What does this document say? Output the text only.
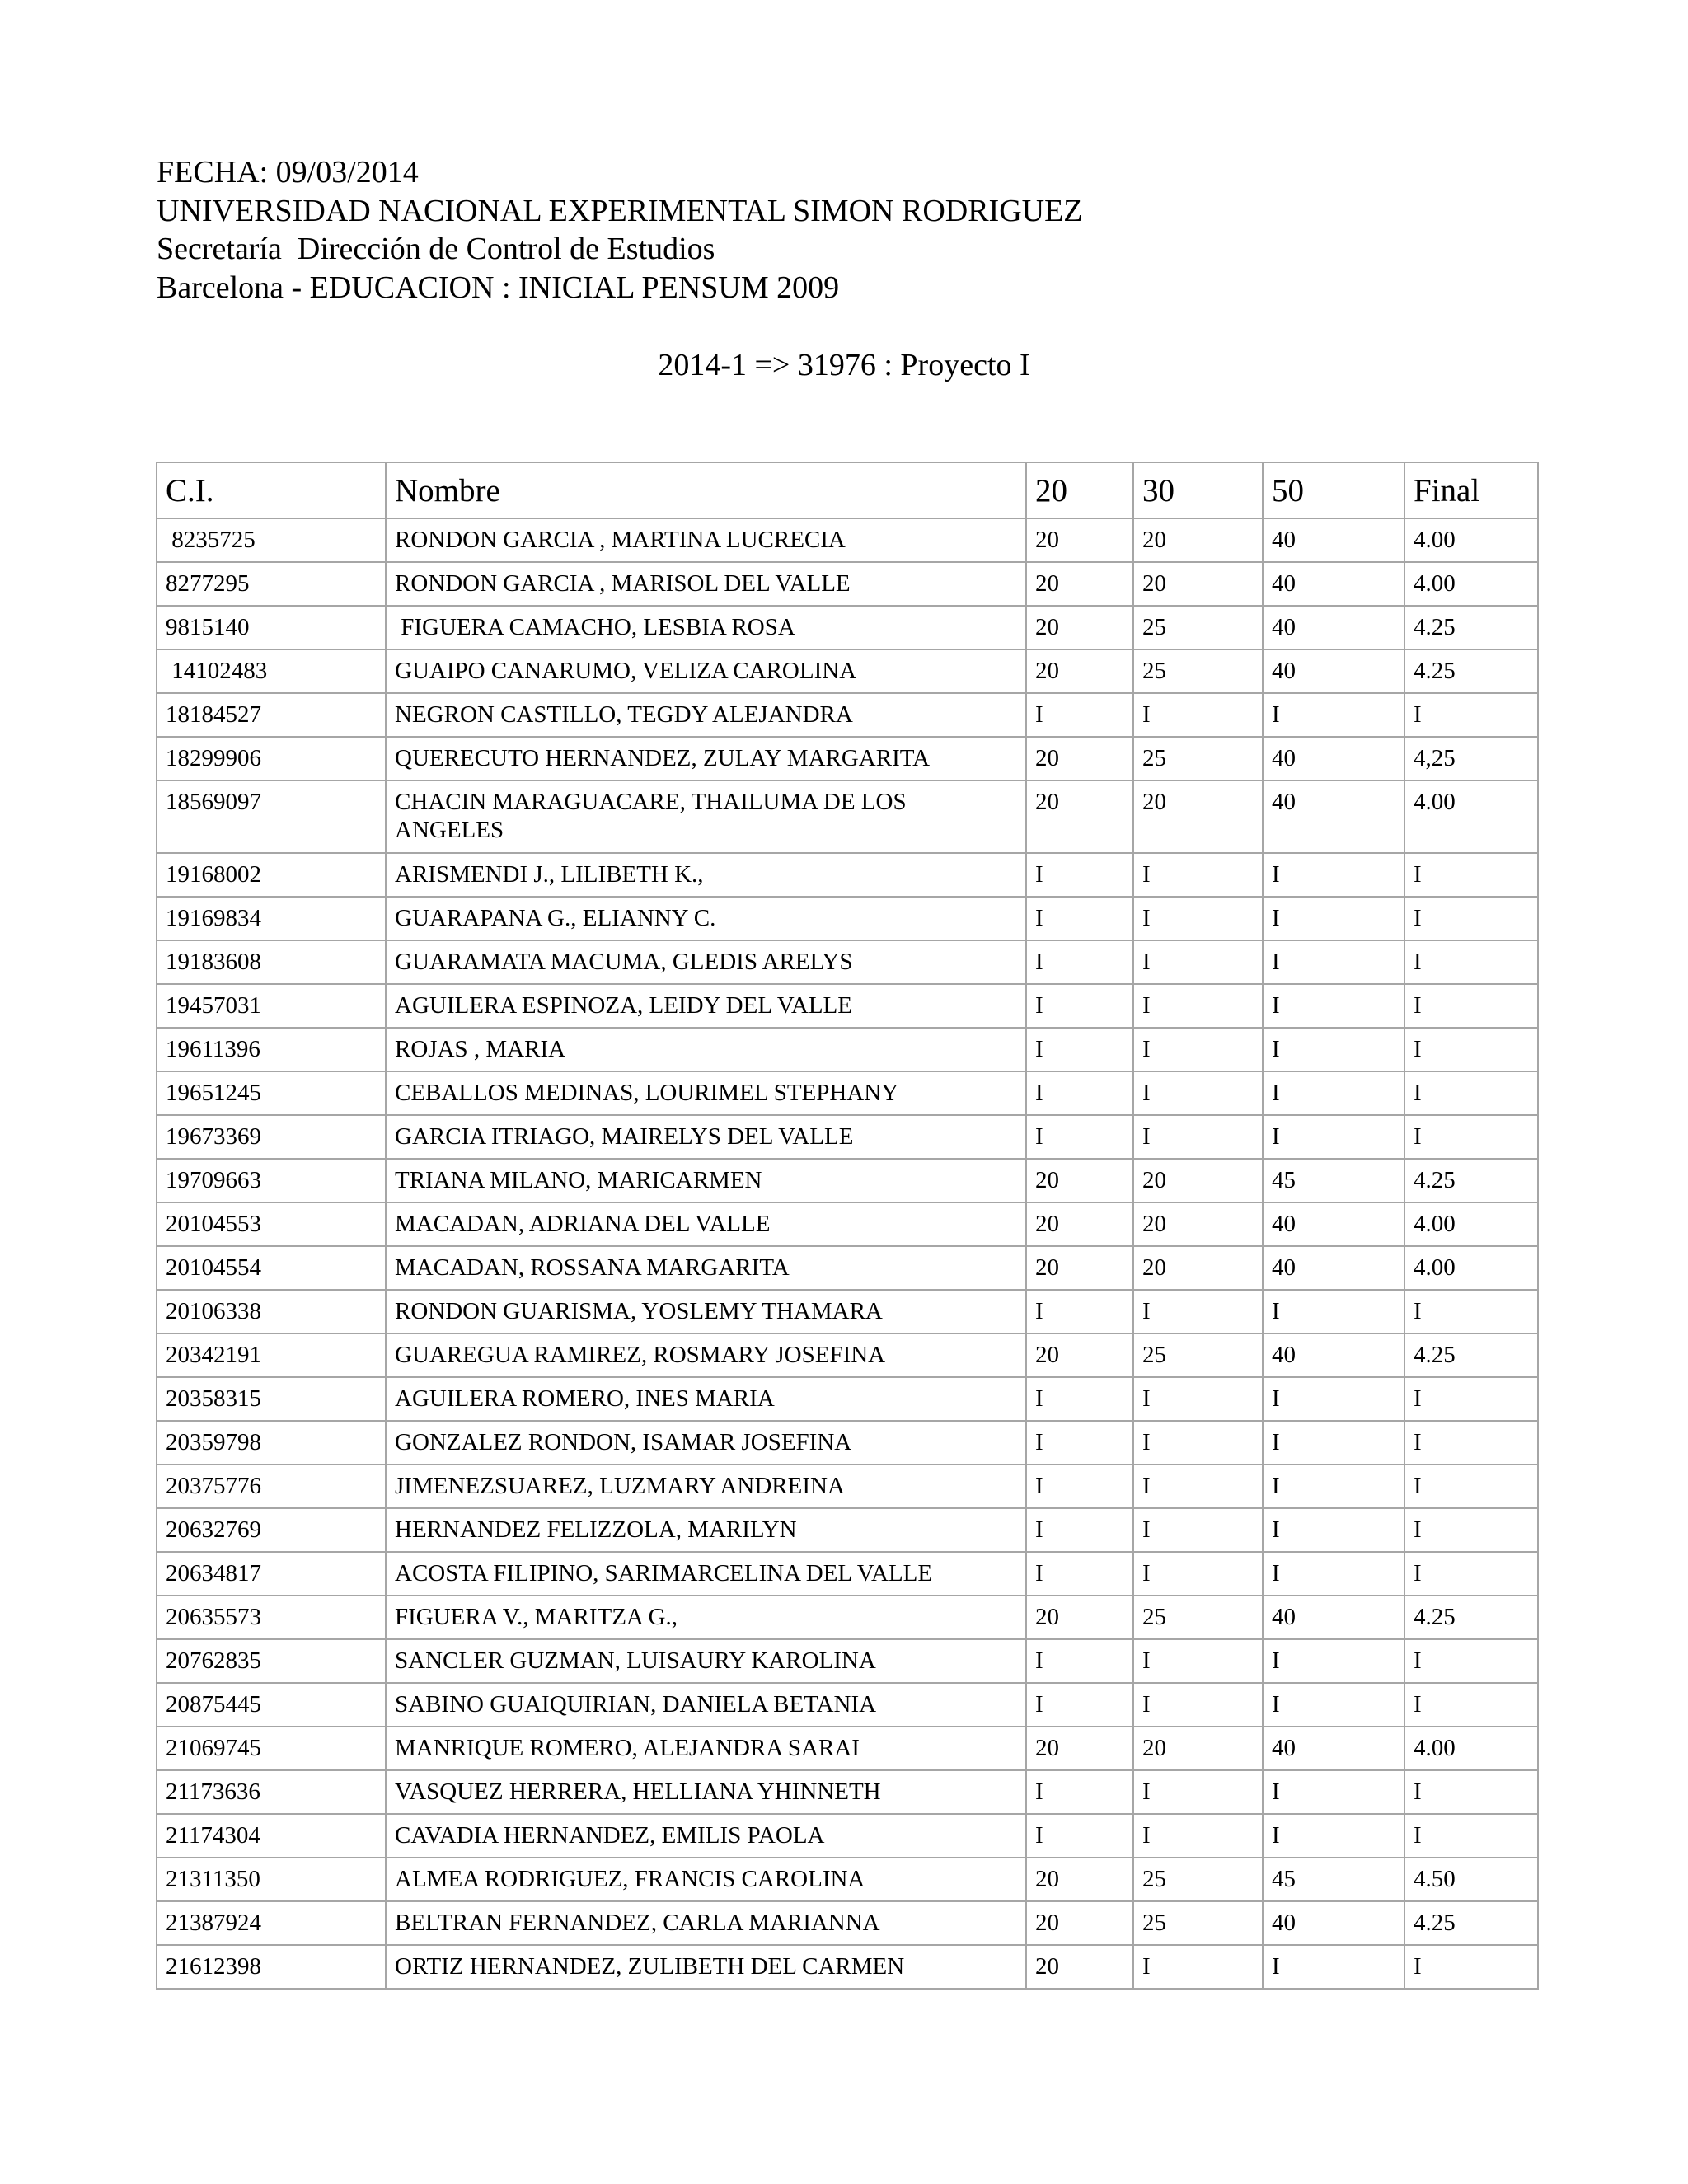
FECHA: 09/03/2014
UNIVERSIDAD NACIONAL EXPERIMENTAL SIMON RODRIGUEZ
Secretaría  Dirección de Control de Estudios
Barcelona - EDUCACION : INICIAL PENSUM 2009
2014-1 => 31976 : Proyecto I
C.I.	Nombre	20	30	50	Final
8235725	RONDON GARCIA , MARTINA LUCRECIA	20	20	40	4.00
8277295	RONDON GARCIA , MARISOL DEL VALLE	20	20	40	4.00
9815140	FIGUERA CAMACHO, LESBIA ROSA	20	25	40	4.25
14102483	GUAIPO CANARUMO, VELIZA CAROLINA	20	25	40	4.25
18184527	NEGRON CASTILLO, TEGDY ALEJANDRA	I	I	I	I
18299906	QUERECUTO HERNANDEZ, ZULAY MARGARITA	20	25	40	4,25
18569097	CHACIN MARAGUACARE, THAILUMA DE LOS ANGELES	20	20	40	4.00
19168002	ARISMENDI J., LILIBETH K.,	I	I	I	I
19169834	GUARAPANA G., ELIANNY C.	I	I	I	I
19183608	GUARAMATA MACUMA, GLEDIS ARELYS	I	I	I	I
19457031	AGUILERA ESPINOZA, LEIDY DEL VALLE	I	I	I	I
19611396	ROJAS , MARIA	I	I	I	I
19651245	CEBALLOS MEDINAS, LOURIMEL STEPHANY	I	I	I	I
19673369	GARCIA ITRIAGO, MAIRELYS DEL VALLE	I	I	I	I
19709663	TRIANA MILANO, MARICARMEN	20	20	45	4.25
20104553	MACADAN, ADRIANA DEL VALLE	20	20	40	4.00
20104554	MACADAN, ROSSANA MARGARITA	20	20	40	4.00
20106338	RONDON GUARISMA, YOSLEMY THAMARA	I	I	I	I
20342191	GUAREGUA RAMIREZ, ROSMARY JOSEFINA	20	25	40	4.25
20358315	AGUILERA ROMERO, INES MARIA	I	I	I	I
20359798	GONZALEZ RONDON, ISAMAR JOSEFINA	I	I	I	I
20375776	JIMENEZSUAREZ, LUZMARY ANDREINA	I	I	I	I
20632769	HERNANDEZ FELIZZOLA, MARILYN	I	I	I	I
20634817	ACOSTA FILIPINO, SARIMARCELINA DEL VALLE	I	I	I	I
20635573	FIGUERA V., MARITZA G.,	20	25	40	4.25
20762835	SANCLER GUZMAN, LUISAURY KAROLINA	I	I	I	I
20875445	SABINO GUAIQUIRIAN, DANIELA BETANIA	I	I	I	I
21069745	MANRIQUE ROMERO, ALEJANDRA SARAI	20	20	40	4.00
21173636	VASQUEZ HERRERA, HELLIANA YHINNETH	I	I	I	I
21174304	CAVADIA HERNANDEZ, EMILIS PAOLA	I	I	I	I
21311350	ALMEA RODRIGUEZ, FRANCIS CAROLINA	20	25	45	4.50
21387924	BELTRAN FERNANDEZ, CARLA MARIANNA	20	25	40	4.25
21612398	ORTIZ HERNANDEZ, ZULIBETH DEL CARMEN	20	I	I	I
